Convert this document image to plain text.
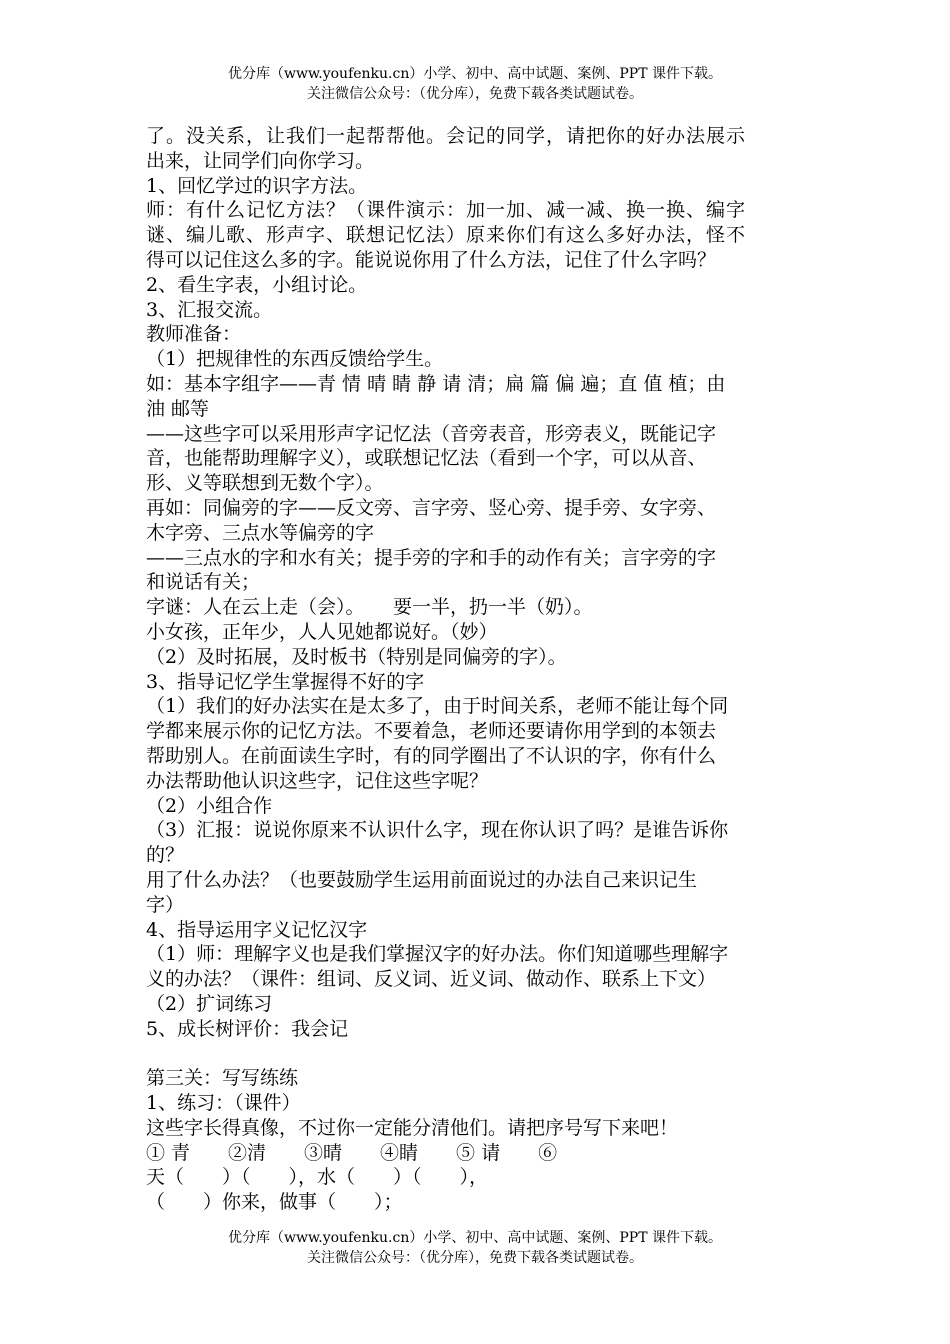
优分库（www.youfenku.cn）小学、初中、高中试题、案例、PPT 课件下载。
关注微信公众号：（优分库），免费下载各类试题试卷。
了。没关系，让我们一起帮帮他。会记的同学，请把你的好办法展示
出来，让同学们向你学习。
1、回忆学过的识字方法。
师：有什么记忆方法？（课件演示：加一加、减一减、换一换、编字
谜、编儿歌、形声字、联想记忆法）原来你们有这么多好办法，怪不
得可以记住这么多的字。能说说你用了什么方法，记住了什么字吗？
2、看生字表，小组讨论。
3、汇报交流。
教师准备：
（1）把规律性的东西反馈给学生。
如：基本字组字——青 情 晴 睛 静 请 清；扁 篇 偏 遍；直 值 植；由
油 邮等
——这些字可以采用形声字记忆法（音旁表音，形旁表义，既能记字
音，也能帮助理解字义），或联想记忆法（看到一个字，可以从音、
形、义等联想到无数个字）。
再如：同偏旁的字——反文旁、言字旁、竖心旁、提手旁、女字旁、
木字旁、三点水等偏旁的字
——三点水的字和水有关；提手旁的字和手的动作有关；言字旁的字
和说话有关；
字谜：人在云上走（会）。　　要一半，扔一半（奶）。
小女孩，正年少，人人见她都说好。（妙）
（2）及时拓展，及时板书（特别是同偏旁的字）。
3、指导记忆学生掌握得不好的字
（1）我们的好办法实在是太多了，由于时间关系，老师不能让每个同
学都来展示你的记忆方法。不要着急，老师还要请你用学到的本领去
帮助别人。在前面读生字时，有的同学圈出了不认识的字，你有什么
办法帮助他认识这些字，记住这些字呢？
（2）小组合作
（3）汇报：说说你原来不认识什么字，现在你认识了吗？是谁告诉你
的？
用了什么办法？（也要鼓励学生运用前面说过的办法自己来识记生
字）
4、指导运用字义记忆汉字
（1）师：理解字义也是我们掌握汉字的好办法。你们知道哪些理解字
义的办法？（课件：组词、反义词、近义词、做动作、联系上下文）
（2）扩词练习
5、成长树评价：我会记
第三关：写写练练
1、练习：（课件）
这些字长得真像，不过你一定能分清他们。请把序号写下来吧！
① 青　　②清　　③晴　　④睛　　⑤ 请　　⑥
天（　　）（　　），水（　　）（　　），
（　　）你来，做事（　　）；
优分库（www.youfenku.cn）小学、初中、高中试题、案例、PPT 课件下载。
关注微信公众号：（优分库），免费下载各类试题试卷。
